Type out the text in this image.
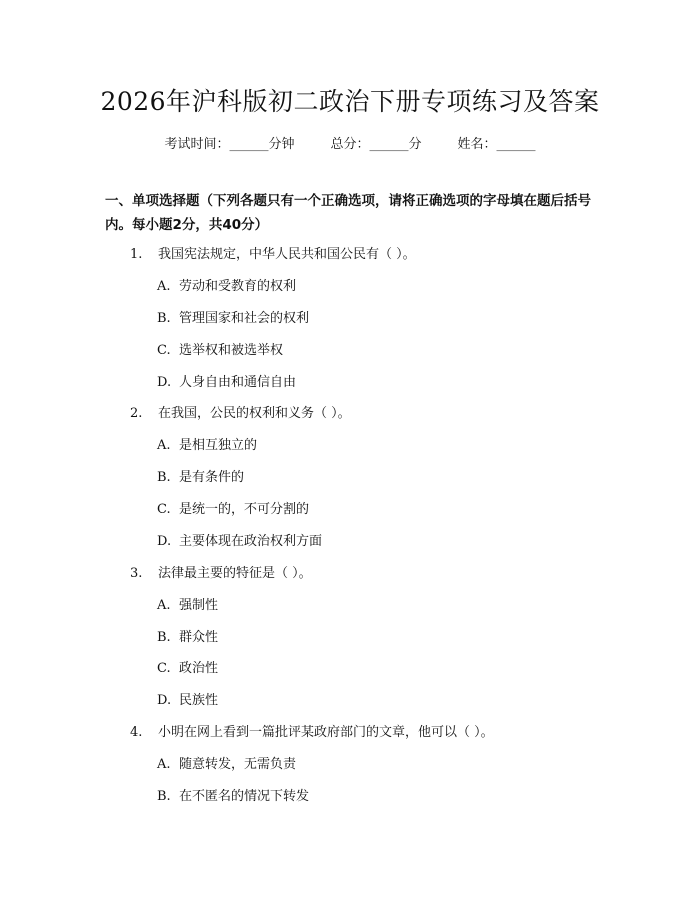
2026年沪科版初二政治下册专项练习及答案
考试时间：______分钟	总分：______分	姓名：______
一、单项选择题（下列各题只有一个正确选项，请将正确选项的字母填在题后括号内。每小题2分，共40分）
1. 我国宪法规定，中华人民共和国公民有（ ）。
A. 劳动和受教育的权利
B. 管理国家和社会的权利
C. 选举权和被选举权
D. 人身自由和通信自由
2. 在我国，公民的权利和义务（ ）。
A. 是相互独立的
B. 是有条件的
C. 是统一的，不可分割的
D. 主要体现在政治权利方面
3. 法律最主要的特征是（ ）。
A. 强制性
B. 群众性
C. 政治性
D. 民族性
4. 小明在网上看到一篇批评某政府部门的文章，他可以（ ）。
A. 随意转发，无需负责
B. 在不匿名的情况下转发
